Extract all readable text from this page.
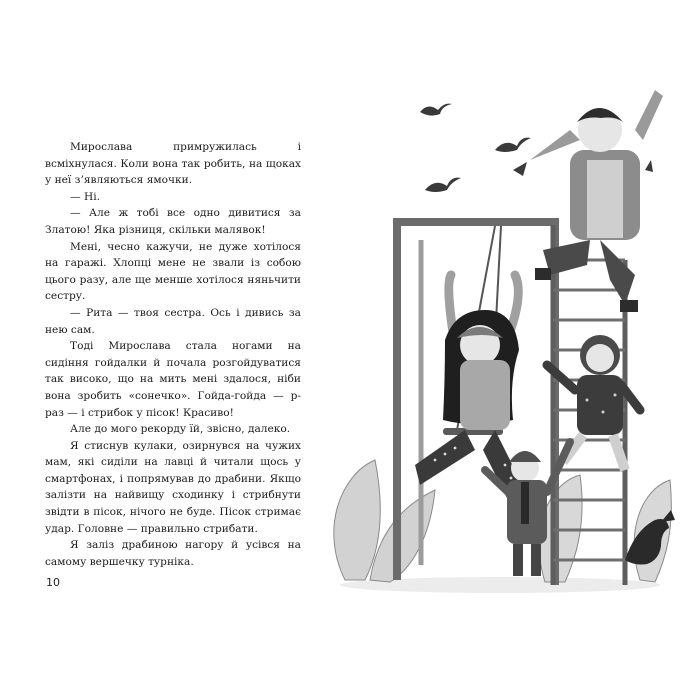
Мирослава примружилась і всміхнулася. Коли вона так робить, на щоках у неї з’являються ямочки.

— Ні.

— Але ж тобі все одно дивитися за Златою! Яка різниця, скільки малявок!

Мені, чесно кажучи, не дуже хотілося на гаражі. Хлопці мене не звали із собою цього разу, але ще менше хотілося няньчити сестру.

— Рита — твоя сестра. Ось і дивись за нею сам.

Тоді Мирослава стала ногами на сидіння гойдалки й почала розгойдуватися так високо, що на мить мені здалося, ніби вона зробить «сонечко». Гойда-гойда — р-раз — і стрибок у пісок! Красиво!

Але до мого рекорду їй, звісно, далеко.

Я стиснув кулаки, озирнувся на чужих мам, які сиділи на лавці й читали щось у смартфонах, і попрямував до драбини. Якщо залізти на найвищу сходинку і стрибнути звідти в пісок, нічого не буде. Пісок стримає удар. Головне — правильно стрибати.

Я заліз драбиною нагору й усівся на самому вершечку турніка.

10
